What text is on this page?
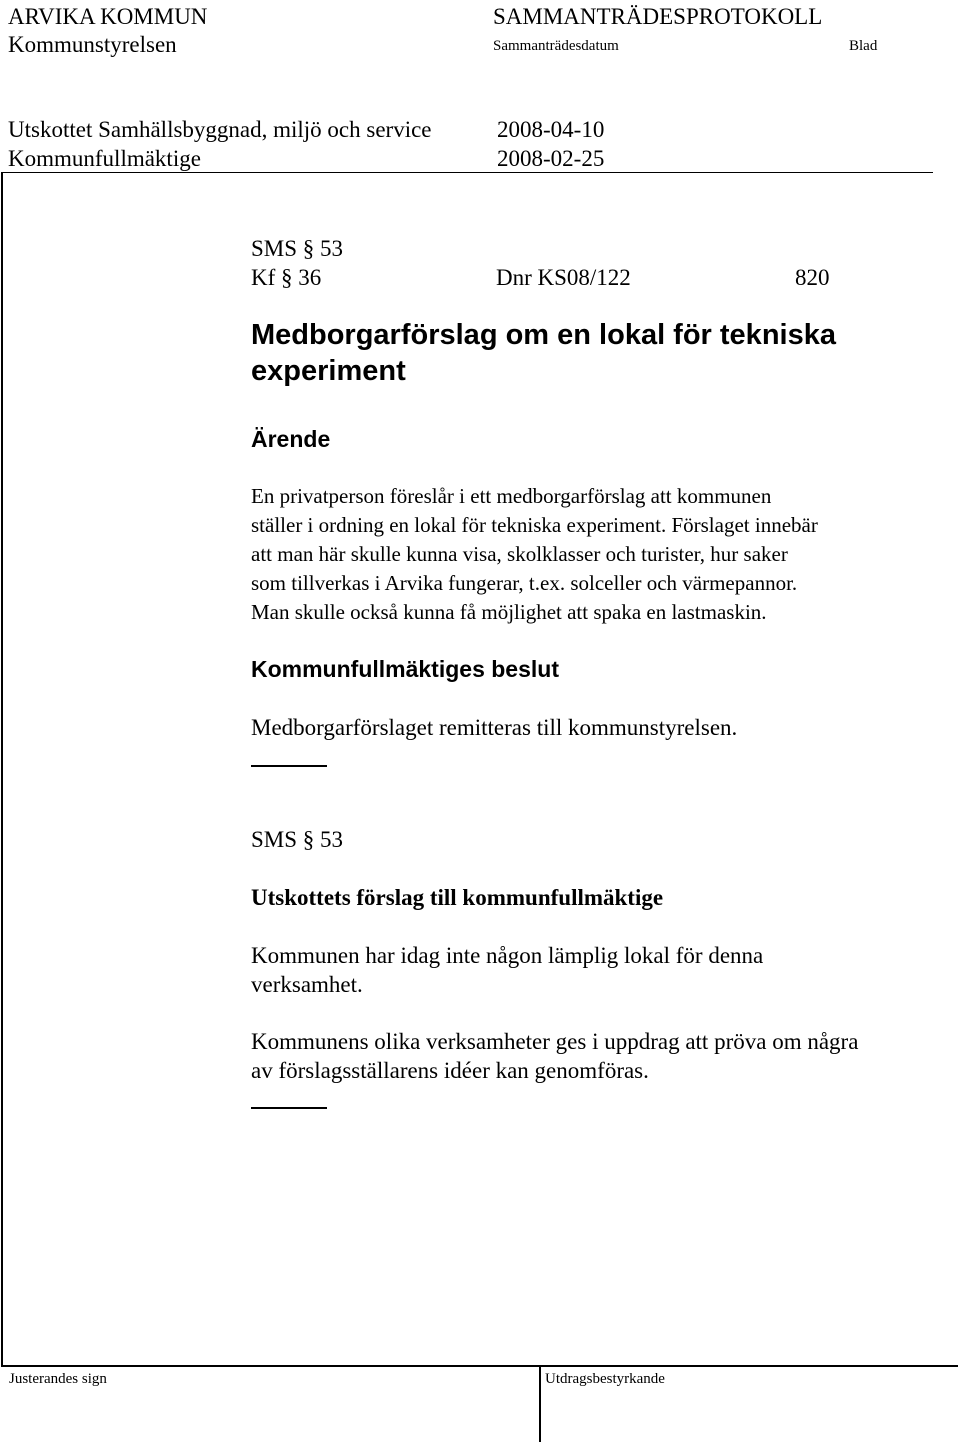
ARVIKA KOMMUN
Kommunstyrelsen
SAMMANTRÄDESPROTOKOLL
Sammanträdesdatum	Blad
Utskottet Samhällsbyggnad, miljö och service	2008-04-10
Kommunfullmäktige	2008-02-25
SMS § 53
Kf § 36	Dnr KS08/122	820
Medborgarförslag om en lokal för tekniska
experiment
Ärende
En privatperson föreslår i ett medborgarförslag att kommunen
ställer i ordning en lokal för tekniska experiment. Förslaget innebär
att man här skulle kunna visa, skolklasser och turister, hur saker
som tillverkas i Arvika fungerar, t.ex. solceller och värmepannor.
Man skulle också kunna få möjlighet att spaka en lastmaskin.
Kommunfullmäktiges beslut
Medborgarförslaget remitteras till kommunstyrelsen.
SMS § 53
Utskottets förslag till kommunfullmäktige
Kommunen har idag inte någon lämplig lokal för denna
verksamhet.
Kommunens olika verksamheter ges i uppdrag att pröva om några
av förslagsställarens idéer kan genomföras.
Justerandes sign	Utdragsbestyrkande
